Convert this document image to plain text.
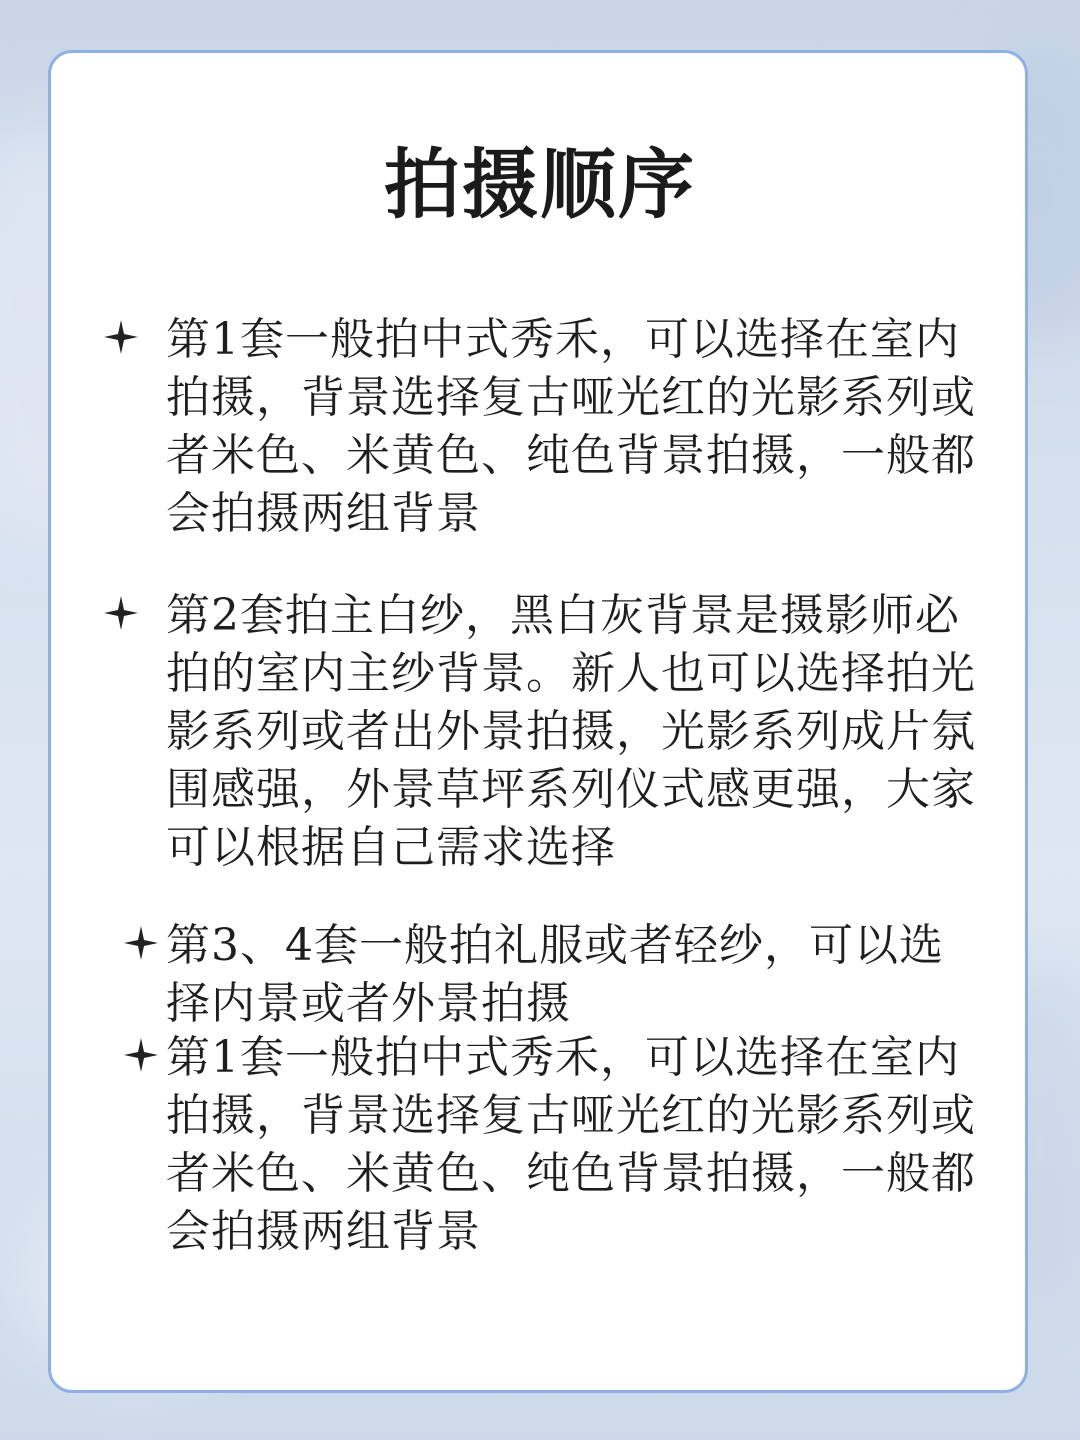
拍摄顺序
第1套一般拍中式秀禾，可以选择在室内拍摄，背景选择复古哑光红的光影系列或者米色、米黄色、纯色背景拍摄，一般都会拍摄两组背景
第2套拍主白纱，黑白灰背景是摄影师必拍的室内主纱背景。新人也可以选择拍光影系列或者出外景拍摄，光影系列成片氛围感强，外景草坪系列仪式感更强，大家可以根据自己需求选择
第3、4套一般拍礼服或者轻纱，可以选择内景或者外景拍摄
第1套一般拍中式秀禾，可以选择在室内拍摄，背景选择复古哑光红的光影系列或者米色、米黄色、纯色背景拍摄，一般都会拍摄两组背景
